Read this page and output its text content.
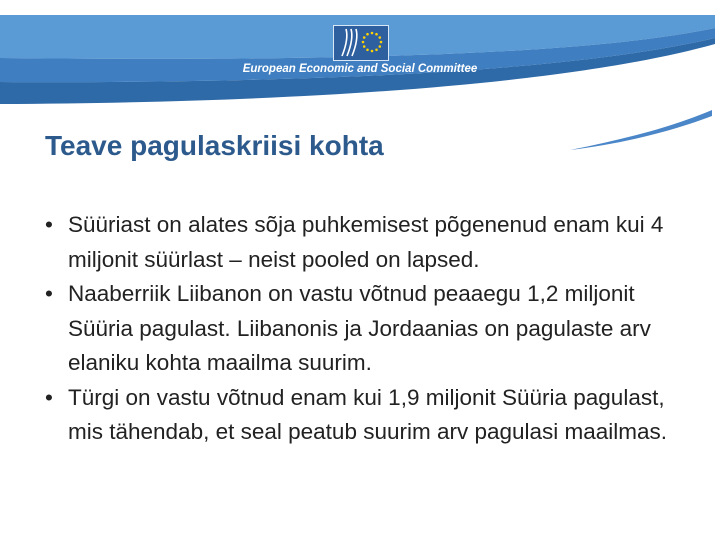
European Economic and Social Committee
Teave pagulaskriisi kohta
• Süüriast on alates sõja puhkemisest põgenenud enam kui 4 miljonit süürlast – neist pooled on lapsed.
• Naaberriik Liibanon on vastu võtnud peaaegu 1,2 miljonit Süüria pagulast. Liibanonis ja Jordaanias on pagulaste arv elaniku kohta maailma suurim.
• Türgi on vastu võtnud enam kui 1,9 miljonit Süüria pagulast, mis tähendab, et seal peatub suurim arv pagulasi maailmas.
